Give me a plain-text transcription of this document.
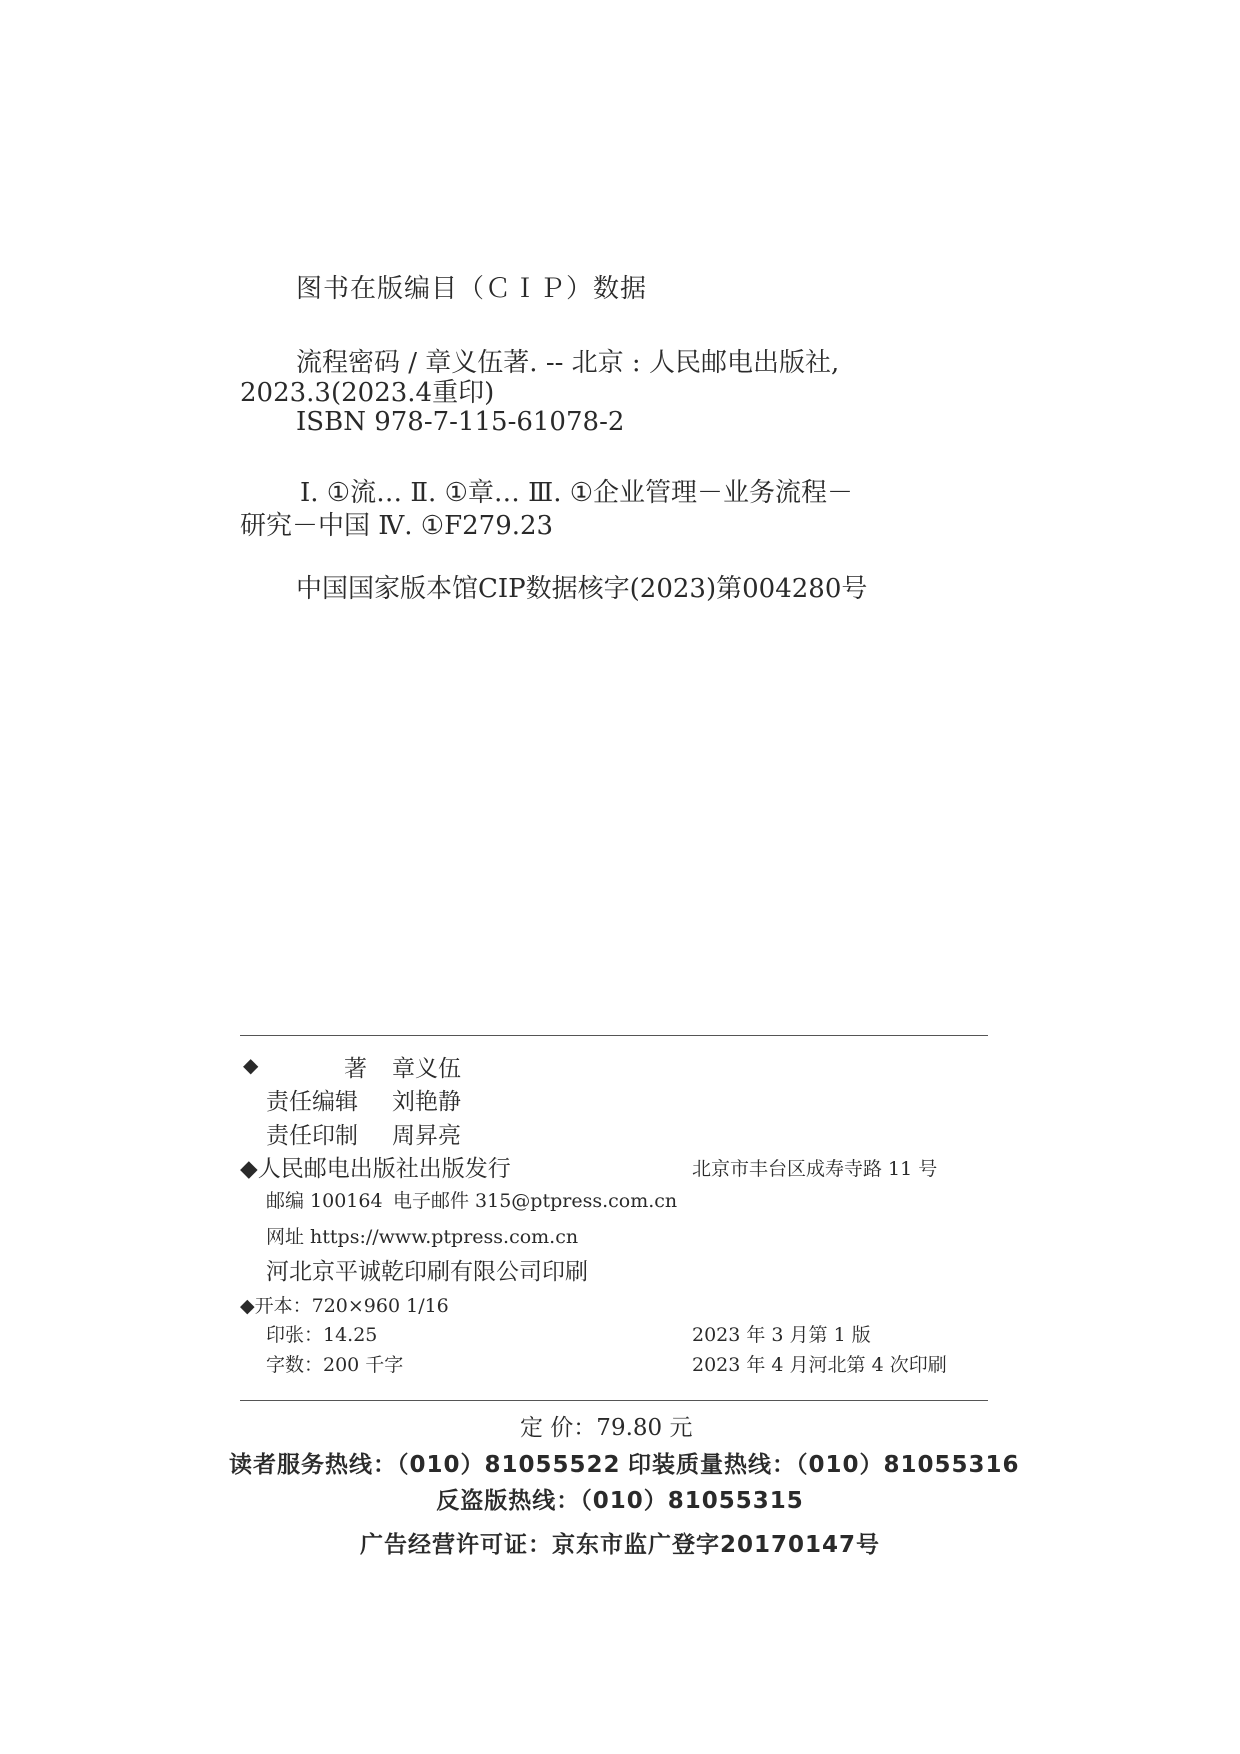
图书在版编目（ＣＩＰ）数据
流程密码 / 章义伍著. -- 北京 : 人民邮电出版社,
2023.3(2023.4重印)
ISBN 978-7-115-61078-2
Ⅰ. ①流… Ⅱ. ①章… Ⅲ. ①企业管理－业务流程－
研究－中国 Ⅳ. ①F279.23
中国国家版本馆CIP数据核字(2023)第004280号
◆	著 章义伍
责任编辑 刘艳静
责任印制 周昇亮
◆人民邮电出版社出版发行	北京市丰台区成寿寺路 11 号
邮编 100164 电子邮件 315@ptpress.com.cn
网址 https://www.ptpress.com.cn
河北京平诚乾印刷有限公司印刷
◆开本：720×960 1/16
印张：14.25	2023 年 3 月第 1 版
字数：200 千字	2023 年 4 月河北第 4 次印刷
定 价：79.80 元
读者服务热线：（010）81055522 印装质量热线：（010）81055316
反盗版热线：（010）81055315
广告经营许可证：京东市监广登字20170147号
